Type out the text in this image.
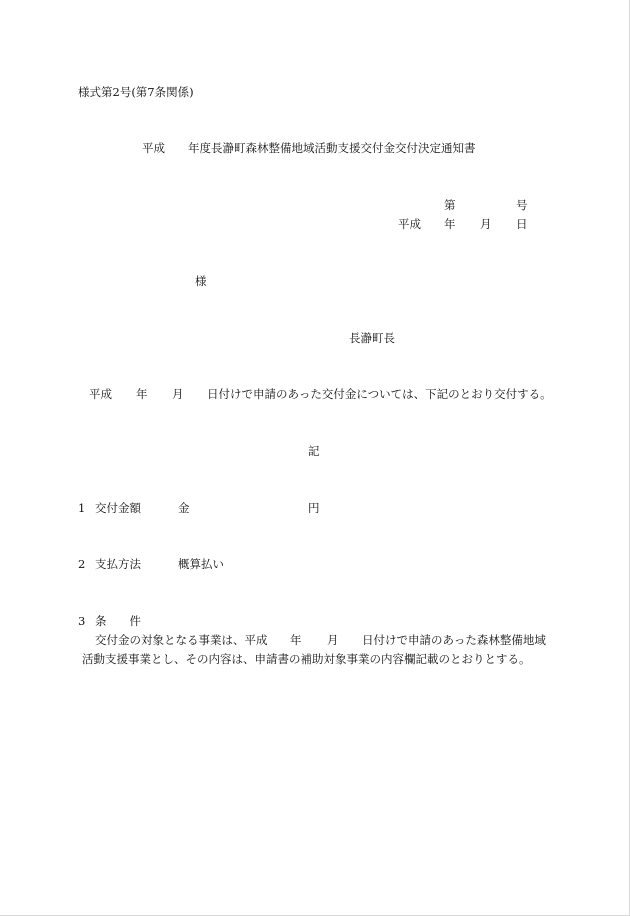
様式第2号(第7条関係)
平成 年度長瀞町森林整備地域活動支援交付金交付決定通知書
第	号
平成 年 月 日
様
長瀞町長
平成 年 月 日付けで申請のあった交付金については、下記のとおり交付する。
記
1 交付金額	金	円
2 支払方法	概算払い
3 条　　件
交付金の対象となる事業は、平成 年 月 日付けで申請のあった森林整備地域
活動支援事業とし、その内容は、申請書の補助対象事業の内容欄記載のとおりとする。
